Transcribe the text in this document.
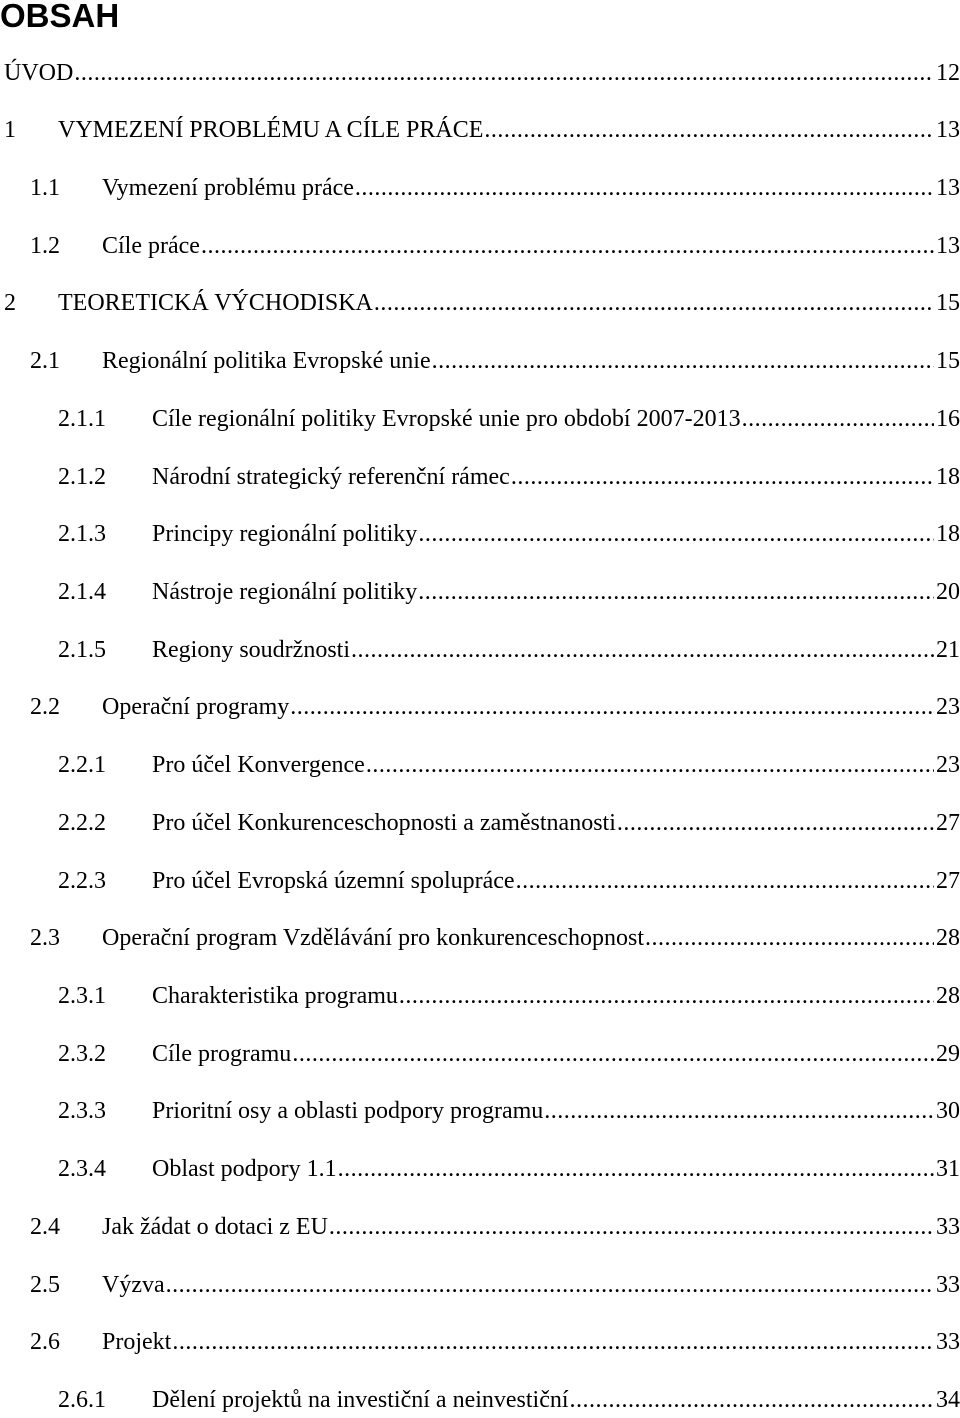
OBSAH
ÚVOD .....	12
1	VYMEZENÍ PROBLÉMU A CÍLE PRÁCE .....	13
1.1	Vymezení problému práce .....	13
1.2	Cíle práce .....	13
2	TEORETICKÁ VÝCHODISKA .....	15
2.1	Regionální politika Evropské unie .....	15
2.1.1	Cíle regionální politiky Evropské unie pro období 2007-2013 .....	16
2.1.2	Národní strategický referenční rámec .....	18
2.1.3	Principy regionální politiky .....	18
2.1.4	Nástroje regionální politiky .....	20
2.1.5	Regiony soudržnosti .....	21
2.2	Operační programy .....	23
2.2.1	Pro účel Konvergence .....	23
2.2.2	Pro účel Konkurenceschopnosti a zaměstnanosti .....	27
2.2.3	Pro účel Evropská územní spolupráce .....	27
2.3	Operační program Vzdělávání pro konkurenceschopnost .....	28
2.3.1	Charakteristika programu .....	28
2.3.2	Cíle programu .....	29
2.3.3	Prioritní osy a oblasti podpory programu .....	30
2.3.4	Oblast podpory 1.1 .....	31
2.4	Jak žádat o dotaci z EU .....	33
2.5	Výzva .....	33
2.6	Projekt .....	33
2.6.1	Dělení projektů na investiční a neinvestiční .....	34
